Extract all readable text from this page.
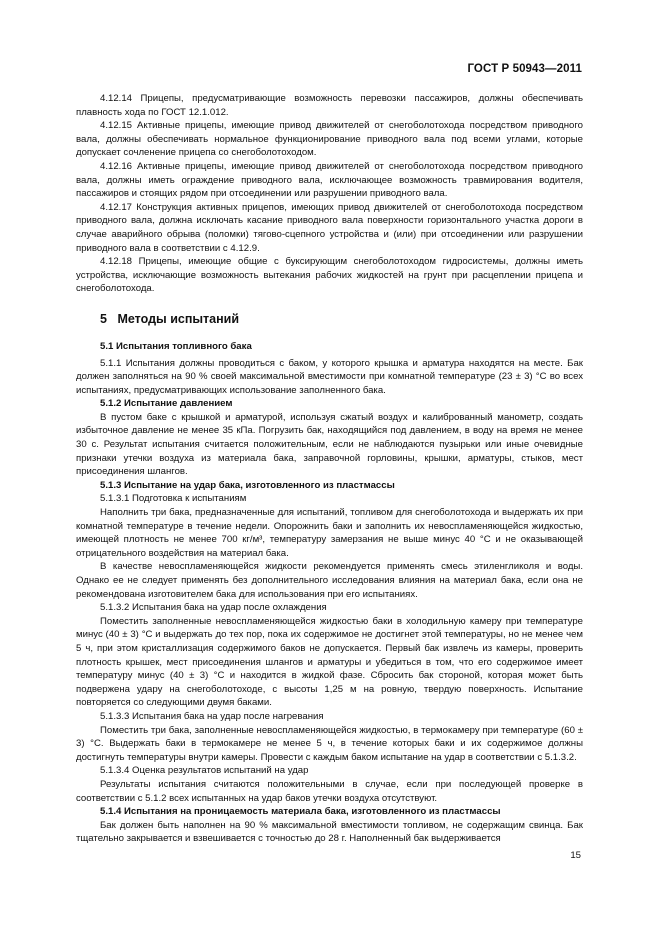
ГОСТ Р 50943—2011

4.12.14 Прицепы, предусматривающие возможность перевозки пассажиров, должны обеспечивать плавность хода по ГОСТ 12.1.012.

4.12.15 Активные прицепы, имеющие привод движителей от снегоболотохода посредством приводного вала, должны обеспечивать нормальное функционирование приводного вала под всеми углами, которые допускает сочленение прицепа со снегоболотоходом.

4.12.16 Активные прицепы, имеющие привод движителей от снегоболотохода посредством приводного вала, должны иметь ограждение приводного вала, исключающее возможность травмирования водителя, пассажиров и стоящих рядом при отсоединении или разрушении приводного вала.

4.12.17 Конструкция активных прицепов, имеющих привод движителей от снегоболотохода посредством приводного вала, должна исключать касание приводного вала поверхности горизонтального участка дороги в случае аварийного обрыва (поломки) тягово-сцепного устройства и (или) при отсоединении или разрушении приводного вала в соответствии с 4.12.9.

4.12.18 Прицепы, имеющие общие с буксирующим снегоболотоходом гидросистемы, должны иметь устройства, исключающие возможность вытекания рабочих жидкостей на грунт при расцеплении прицепа и снегоболотохода.

5 Методы испытаний

5.1 Испытания топливного бака

5.1.1 Испытания должны проводиться с баком, у которого крышка и арматура находятся на месте. Бак должен заполняться на 90 % своей максимальной вместимости при комнатной температуре (23 ± 3) °С во всех испытаниях, предусматривающих использование заполненного бака.

5.1.2 Испытание давлением

В пустом баке с крышкой и арматурой, используя сжатый воздух и калиброванный манометр, создать избыточное давление не менее 35 кПа. Погрузить бак, находящийся под давлением, в воду на время не менее 30 с. Результат испытания считается положительным, если не наблюдаются пузырьки или иные очевидные признаки утечки воздуха из материала бака, заправочной горловины, крышки, арматуры, стыков, мест присоединения шлангов.

5.1.3 Испытание на удар бака, изготовленного из пластмассы

5.1.3.1 Подготовка к испытаниям

Наполнить три бака, предназначенные для испытаний, топливом для снегоболотохода и выдержать их при комнатной температуре в течение недели. Опорожнить баки и заполнить их невоспламеняющейся жидкостью, имеющей плотность не менее 700 кг/м³, температуру замерзания не выше минус 40 °С и не оказывающей отрицательного воздействия на материал бака.

В качестве невоспламеняющейся жидкости рекомендуется применять смесь этиленгликоля и воды. Однако ее не следует применять без дополнительного исследования влияния на материал бака, если она не рекомендована изготовителем бака для использования при его испытаниях.

5.1.3.2 Испытания бака на удар после охлаждения

Поместить заполненные невоспламеняющейся жидкостью баки в холодильную камеру при температуре минус (40 ± 3) °С и выдержать до тех пор, пока их содержимое не достигнет этой температуры, но не менее чем 5 ч, при этом кристаллизация содержимого баков не допускается. Первый бак извлечь из камеры, проверить плотность крышек, мест присоединения шлангов и арматуры и убедиться в том, что его содержимое имеет температуру минус (40 ± 3) °С и находится в жидкой фазе. Сбросить бак стороной, которая может быть подвержена удару на снегоболотоходе, с высоты 1,25 м на ровную, твердую поверхность. Испытание повторяется со следующими двумя баками.

5.1.3.3 Испытания бака на удар после нагревания

Поместить три бака, заполненные невоспламеняющейся жидкостью, в термокамеру при температуре (60 ± 3) °С. Выдержать баки в термокамере не менее 5 ч, в течение которых баки и их содержимое должны достигнуть температуры внутри камеры. Провести с каждым баком испытание на удар в соответствии с 5.1.3.2.

5.1.3.4 Оценка результатов испытаний на удар

Результаты испытания считаются положительными в случае, если при последующей проверке в соответствии с 5.1.2 всех испытанных на удар баков утечки воздуха отсутствуют.

5.1.4 Испытания на проницаемость материала бака, изготовленного из пластмассы

Бак должен быть наполнен на 90 % максимальной вместимости топливом, не содержащим свинца. Бак тщательно закрывается и взвешивается с точностью до 28 г. Наполненный бак выдерживается

15
